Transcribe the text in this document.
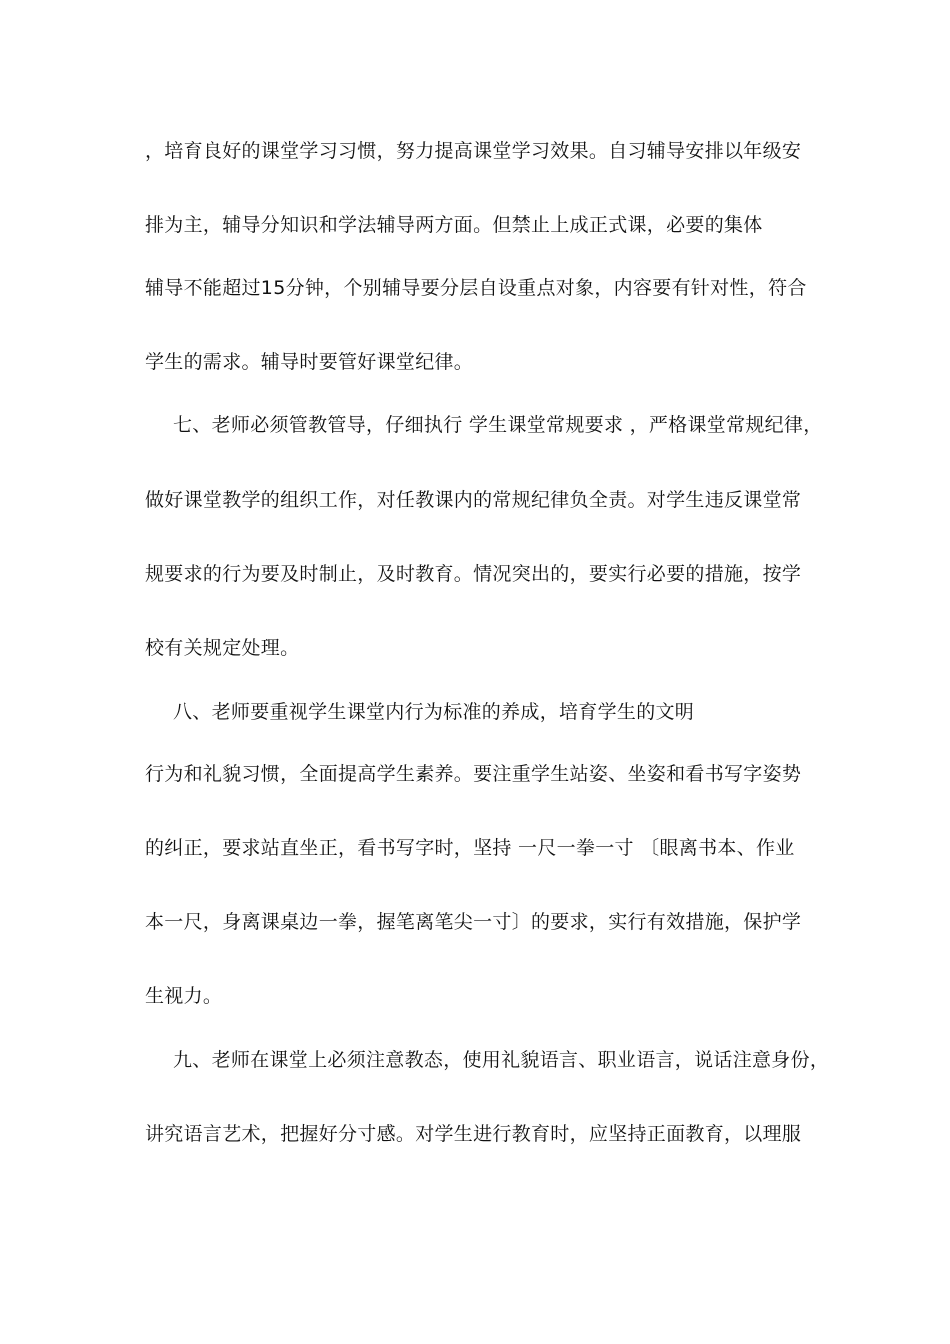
，培育良好的课堂学习习惯，努力提高课堂学习效果。自习辅导安排以年级安
排为主，辅导分知识和学法辅导两方面。但禁止上成正式课，必要的集体
辅导不能超过15分钟，个别辅导要分层自设重点对象，内容要有针对性，符合
学生的需求。辅导时要管好课堂纪律。
七、老师必须管教管导，仔细执行 学生课堂常规要求 ，严格课堂常规纪律，
做好课堂教学的组织工作，对任教课内的常规纪律负全责。对学生违反课堂常
规要求的行为要及时制止，及时教育。情况突出的，要实行必要的措施，按学
校有关规定处理。
八、老师要重视学生课堂内行为标准的养成，培育学生的文明
行为和礼貌习惯，全面提高学生素养。要注重学生站姿、坐姿和看书写字姿势
的纠正，要求站直坐正，看书写字时，坚持 一尺一拳一寸 〔眼离书本、作业
本一尺，身离课桌边一拳，握笔离笔尖一寸〕的要求，实行有效措施，保护学
生视力。
九、老师在课堂上必须注意教态，使用礼貌语言、职业语言，说话注意身份，
讲究语言艺术，把握好分寸感。对学生进行教育时，应坚持正面教育，以理服
